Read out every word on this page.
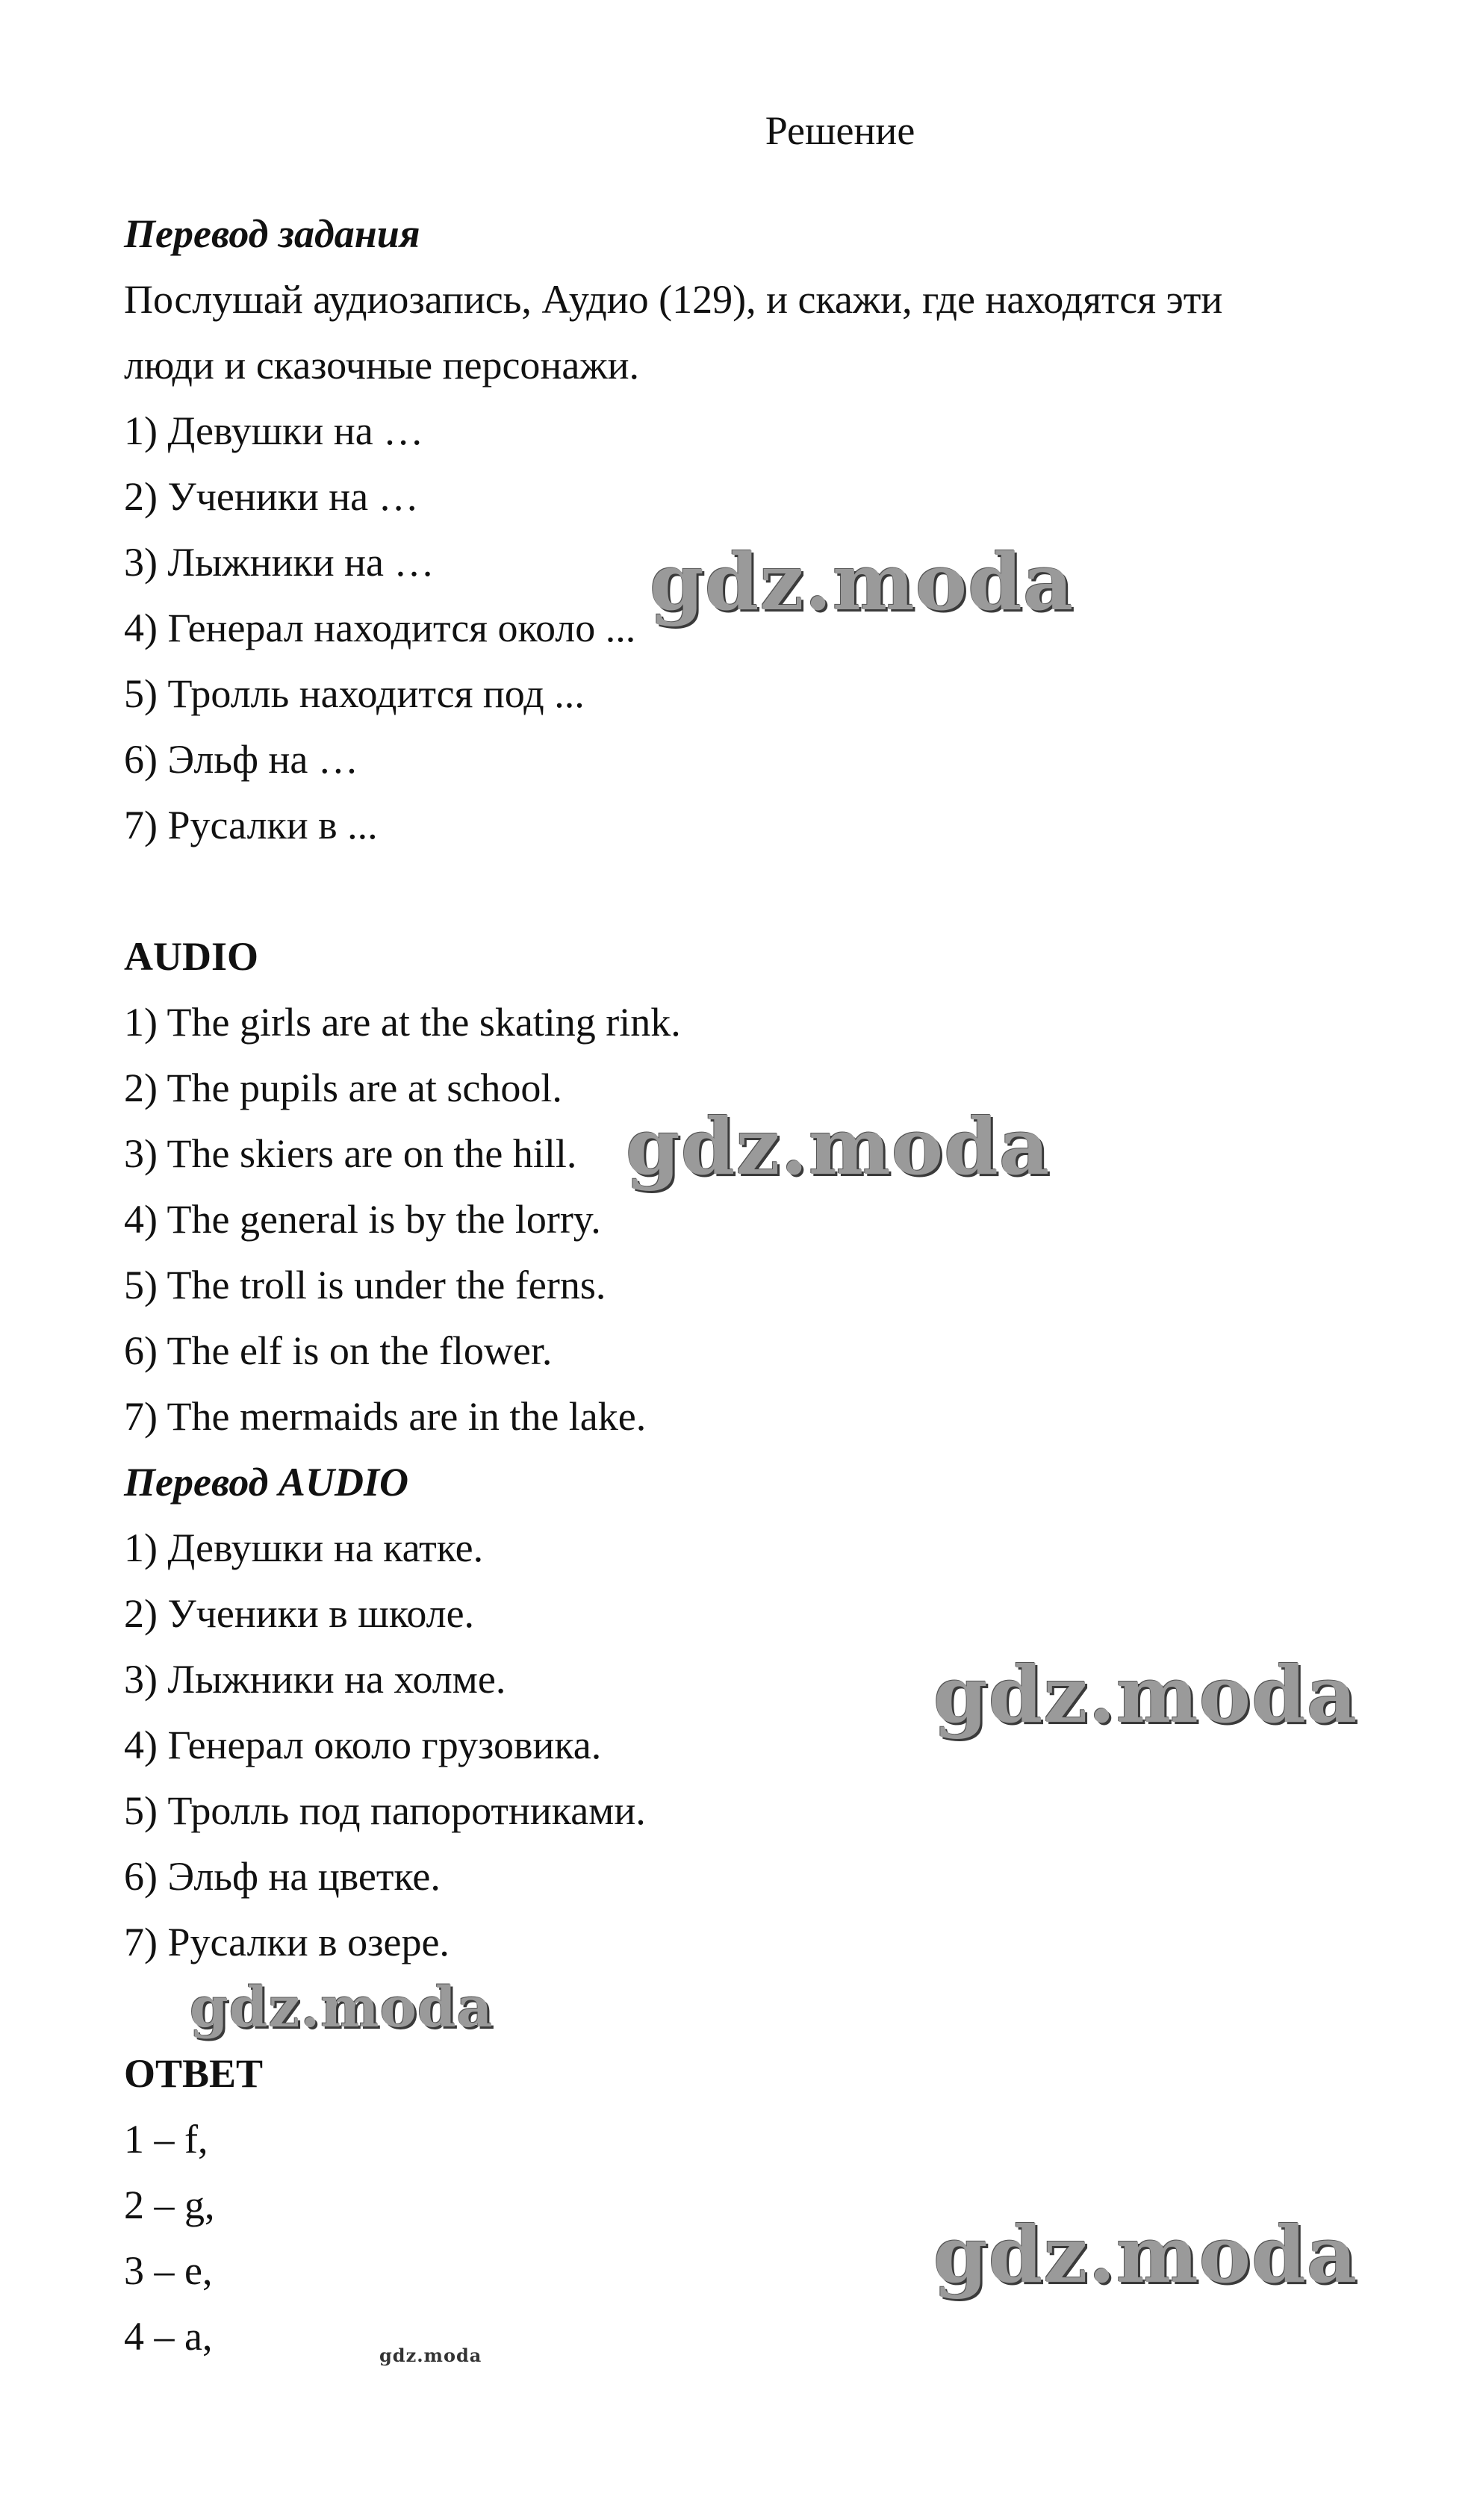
Решение
Перевод задания
Послушай аудиозапись, Аудио (129), и скажи, где находятся эти
люди и сказочные персонажи.
1) Девушки на …
2) Ученики на …
3) Лыжники на …
4) Генерал находится около ...
5) Тролль находится под ...
6) Эльф на …
7) Русалки в ...
AUDIO
1) The girls are at the skating rink.
2) The pupils are at school.
3) The skiers are on the hill.
4) The general is by the lorry.
5) The troll is under the ferns.
6) The elf is on the flower.
7) The mermaids are in the lake.
Перевод AUDIO
1) Девушки на катке.
2) Ученики в школе.
3) Лыжники на холме.
4) Генерал около грузовика.
5) Тролль под папоротниками.
6) Эльф на цветке.
7) Русалки в озере.
ОТВЕТ
1 – f,
2 – g,
3 – e,
4 – a,
gdz.moda
gdz.moda
gdz.moda
gdz.moda
gdz.moda
gdz.moda
